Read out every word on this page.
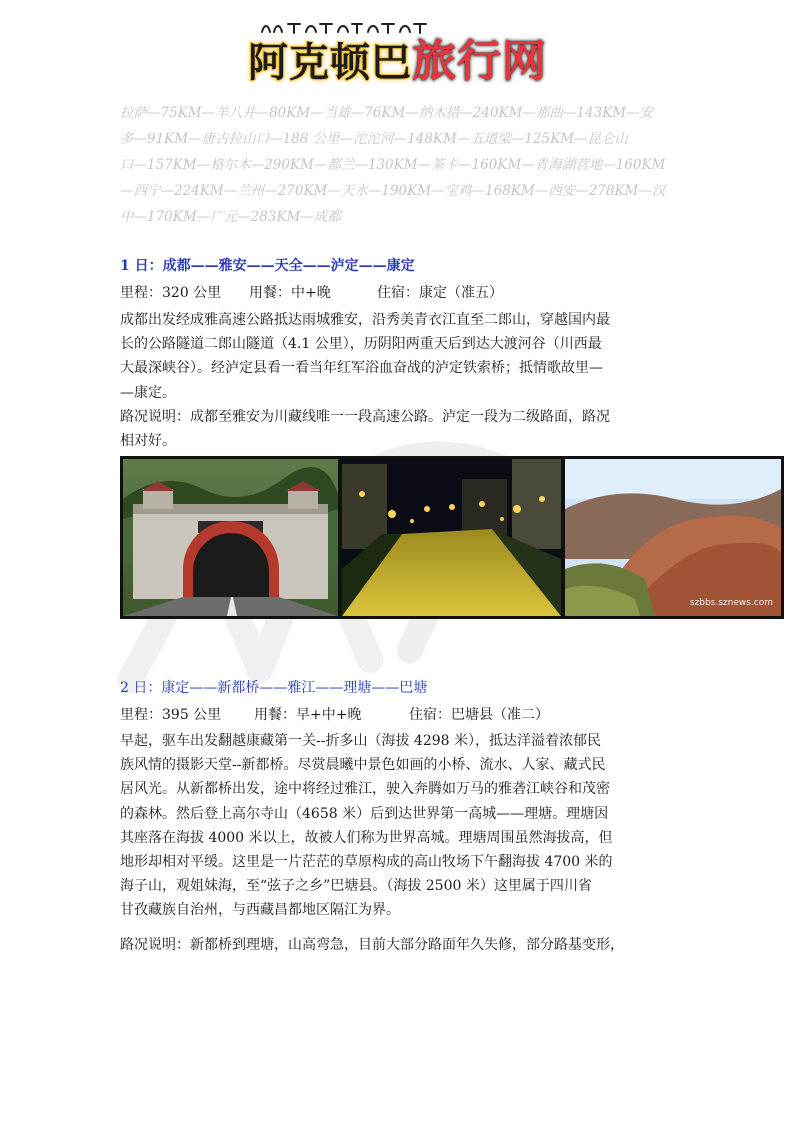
阿克顿巴旅行网
拉萨—75KM—羊八井—80KM—当雄—76KM—纳木措—240KM—那曲—143KM—安
多—91KM—唐古拉山口—188 公里—沱沱河—148KM—五道梁—125KM—昆仑山
口—157KM—格尔木—290KM—都兰—130KM—茶卡—160KM—青海湖营地—160KM
—西宁—224KM—兰州—270KM—天水—190KM—宝鸡—168KM—西安—278KM—汉
中—170KM—广元—283KM—成都
1 日：成都——雅安——天全——泸定——康定
里程：320 公里 用餐：中+晚	住宿：康定（准五）
成都出发经成雅高速公路抵达雨城雅安，沿秀美青衣江直至二郎山，穿越国内最
长的公路隧道二郎山隧道（4.1 公里），历阴阳两重天后到达大渡河谷（川西最
大最深峡谷）。经泸定县看一看当年红军浴血奋战的泸定铁索桥；抵情歌故里—
—康定。
路况说明：成都至雅安为川藏线唯一一段高速公路。泸定一段为二级路面，路况
相对好。
szbbs.sznews.com
2 日：康定——新都桥——雅江——理塘——巴塘
里程：395 公里 用餐：早+中+晚	住宿：巴塘县（准二）
早起，驱车出发翻越康藏第一关--折多山（海拔 4298 米），抵达洋溢着浓郁民
族风情的摄影天堂--新都桥。尽赏晨曦中景色如画的小桥、流水、人家、藏式民
居风光。从新都桥出发，途中将经过雅江，驶入奔腾如万马的雅砻江峡谷和茂密
的森林。然后登上高尔寺山（4658 米）后到达世界第一高城——理塘。理塘因
其座落在海拔 4000 米以上，故被人们称为世界高城。理塘周围虽然海拔高，但
地形却相对平缓。这里是一片茫茫的草原构成的高山牧场下午翻海拔 4700 米的
海子山，观姐妹海，至“弦子之乡”巴塘县。（海拔 2500 米）这里属于四川省
甘孜藏族自治州，与西藏昌都地区隔江为界。
路况说明：新都桥到理塘，山高弯急，目前大部分路面年久失修，部分路基变形，
